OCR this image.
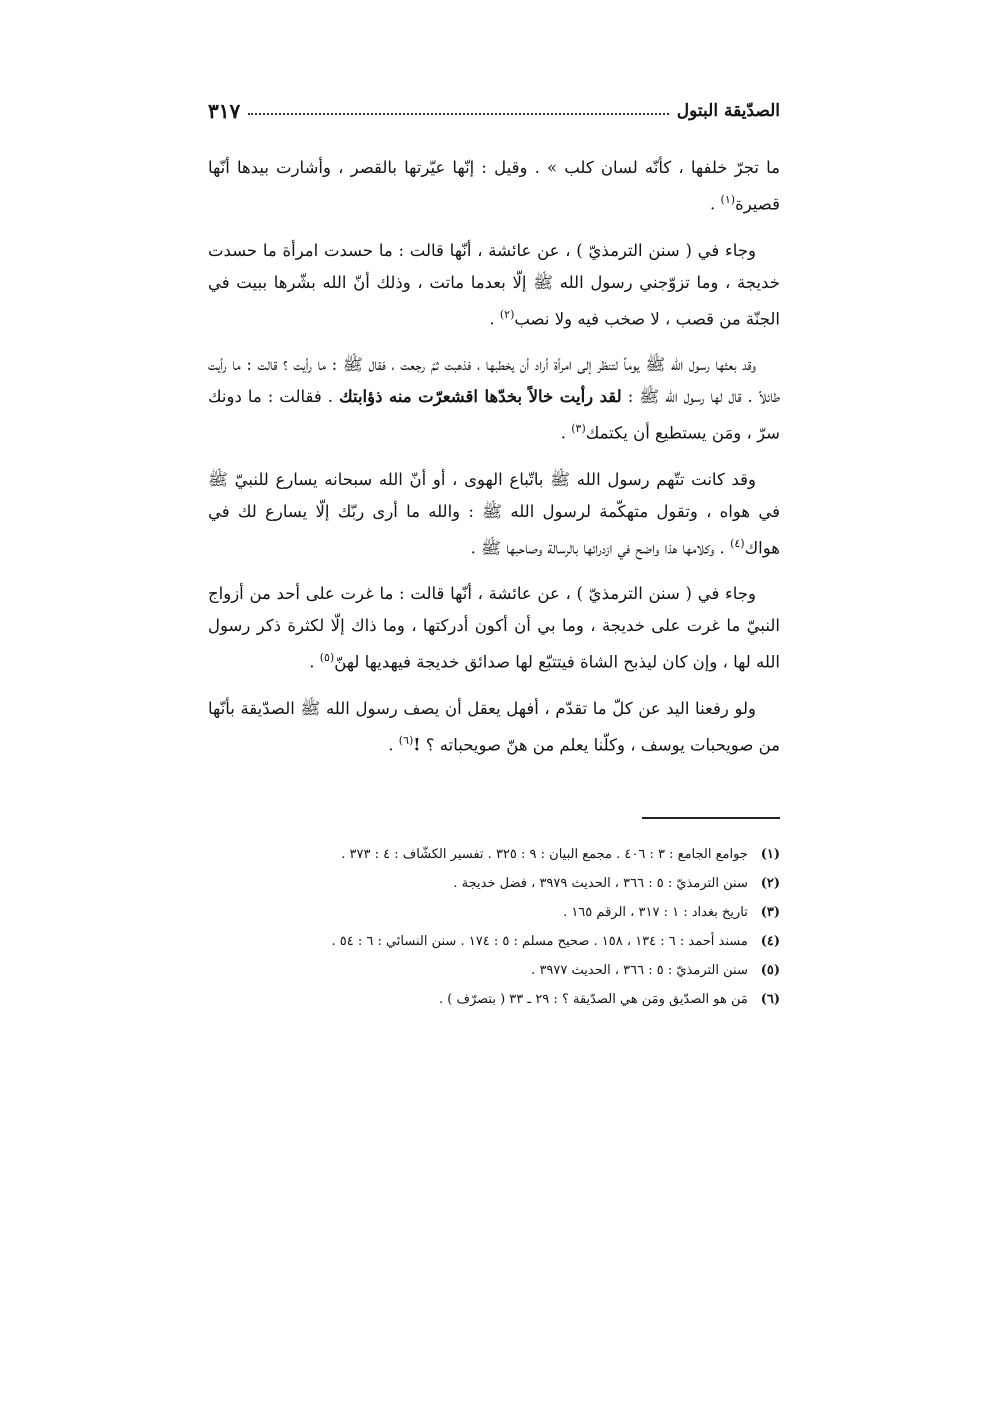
الصدّيقة البتول
٣١٧

ما تجرّ خلفها ، كأنّه لسان كلب » . وقيل : إنّها عيّرتها بالقصر ، وأشارت بيدها أنّها قصيرة$^{(١)}$ .

وجاء في ( سنن الترمذيّ ) ، عن عائشة ، أنّها قالت : ما حسدت امرأة ما حسدت خديجة ، وما تزوّجني رسول الله ﷺ إلّا بعدما ماتت ، وذلك أنّ الله بشّرها ببيت في الجنّة من قصب ، لا صخب فيه ولا نصب$^{(٢)}$ .

وقد بعثها رسول الله ﷺ يوماً لتنظر إلى امرأة أراد أن يخطبها ، فذهبت ثمّ رجعت ، فقال ﷺ : ما رأيت ؟ قالت : ما رأيت طائلاً . قال لها رسول الله ﷺ : لقد رأيت خالاً بخدّها اقشعرّت منه ذؤابتك . فقالت : ما دونك سرّ ، ومَن يستطيع أن يكتمك$^{(٣)}$ .

وقد كانت تتّهم رسول الله ﷺ باتّباع الهوى ، أو أنّ الله سبحانه يسارع للنبيّ ﷺ في هواه ، وتقول متهكّمة لرسول الله ﷺ : والله ما أرى ربّك إلّا يسارع لك في هواك$^{(٤)}$ . وكلامها هذا واضح في ازدرائها بالرسالة وصاحبها ﷺ .

وجاء في ( سنن الترمذيّ ) ، عن عائشة ، أنّها قالت : ما غرت على أحد من أزواج النبيّ ما غرت على خديجة ، وما بي أن أكون أدركتها ، وما ذاك إلّا لكثرة ذكر رسول الله لها ، وإن كان ليذبح الشاة فيتتبّع لها صدائق خديجة فيهديها لهنّ$^{(٥)}$ .

ولو رفعنا اليد عن كلّ ما تقدّم ، أفهل يعقل أن يصف رسول الله ﷺ الصدّيقة بأنّها من صويحبات يوسف ، وكلّنا يعلم من هنّ صويحباته ؟ !$^{(٦)}$ .

(١) جوامع الجامع : ٣ : ٤٠٦ . مجمع البيان : ٩ : ٣٢٥ . تفسير الكشّاف : ٤ : ٣٧٣ .
(٢) سنن الترمذيّ : ٥ : ٣٦٦ ، الحديث ٣٩٧٩ ، فضل خديجة .
(٣) تاريخ بغداد : ١ : ٣١٧ ، الرقم ١٦٥ .
(٤) مسند أحمد : ٦ : ١٣٤ ، ١٥٨ . صحيح مسلم : ٥ : ١٧٤ . سنن النسائي : ٦ : ٥٤ .
(٥) سنن الترمذيّ : ٥ : ٣٦٦ ، الحديث ٣٩٧٧ .
(٦) مَن هو الصدّيق ومَن هي الصدّيقة ؟ : ٢٩ ـ ٣٣ ( بتصرّف ) .
